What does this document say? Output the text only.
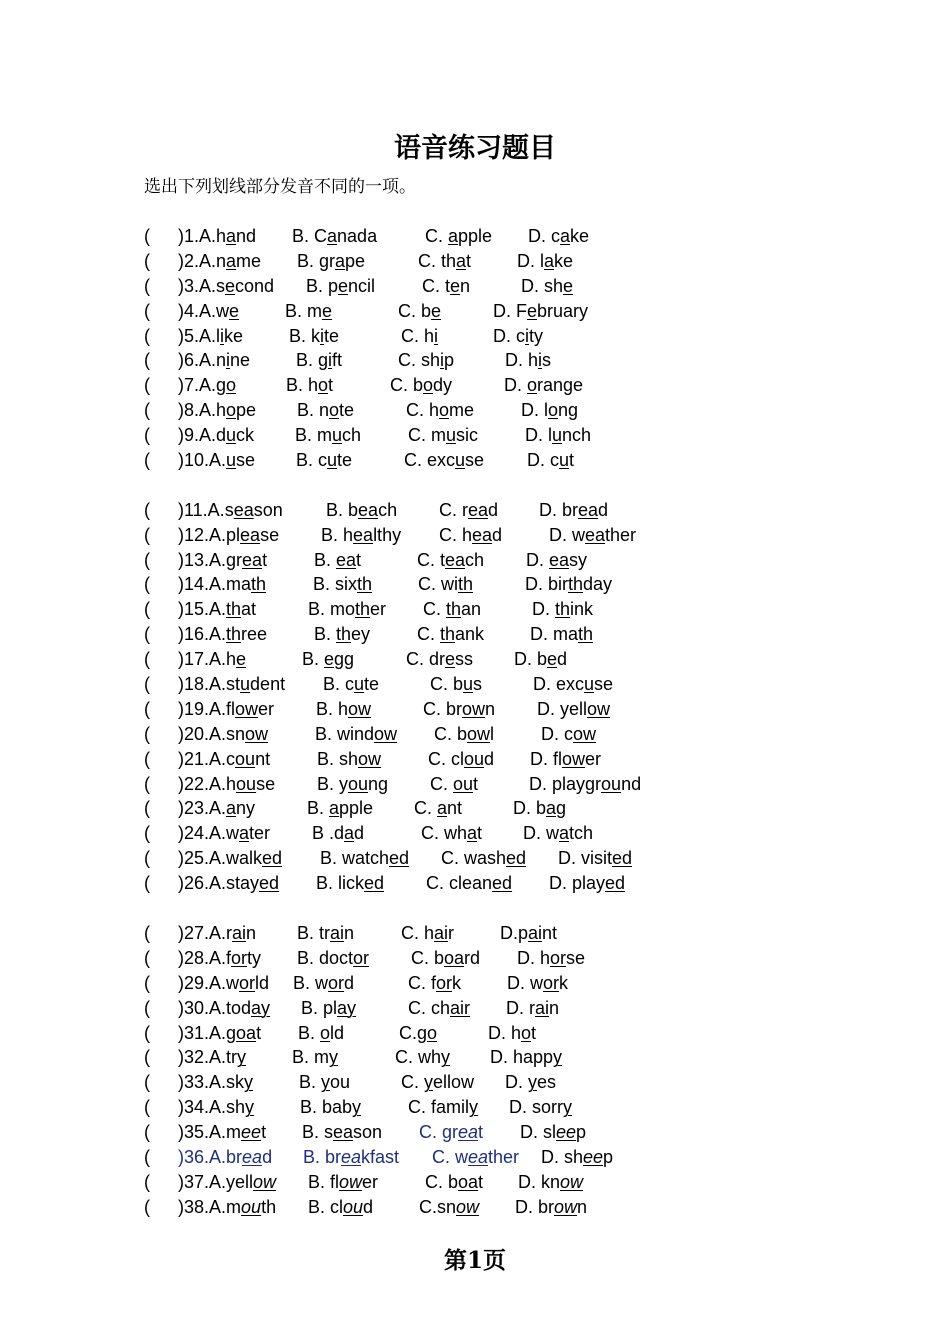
语音练习题目
选出下列划线部分发音不同的一项。
( )1.A.hand B. Canada	C. apple D. cake
( )2.A.name B. grape	C. that	D. lake
( )3.A.second B. pencil	C. ten	D. she
( )4.A.we	B. me	C. be	D. February
( )5.A.like	B. kite	C. hi	D. city
( )6.A.nine	B. gift	C. ship	D. his
( )7.A.go	B. hot	C. body	D. orange
( )8.A.hope B. note	C. home	D. long
( )9.A.duck B. much	C. music	D. lunch
( )10.A.use B. cute	C. excuse D. cut
( )11.A.season B. beach C. read D. bread
( )12.A.please B. healthy C. head	D. weather
( )13.A.great	B. eat	C. teach D. easy
( )14.A.math	B. sixth	C. with	D. birthday
( )15.A.that	B. mother C. than	D. think
( )16.A.three	B. they	C. thank	D. math
( )17.A.he	B. egg	C. dress D. bed
( )18.A.student B. cute	C. bus	D. excuse
( )19.A.flower B. how	C. brown D. yellow
( )20.A.snow	B. window C. bowl	D. cow
( )21.A.count	B. show	C. cloud D. flower
( )22.A.house B. young C. out	D. playground
( )23.A.any	B. apple C. ant	D. bag
( )24.A.water B .dad	C. what D. watch
( )25.A.walked B. watched C. washed D. visited
( )26.A.stayed B. licked C. cleaned D. played
( )27.A.rain B. train	C. hair	D.paint
( )28.A.forty B. doctor C. board D. horse
( )29.A.world B. word	C. fork	D. work
( )30.A.today B. play	C. chair D. rain
( )31.A.goat B. old	C.go	D. hot
( )32.A.try	B. my	C. why D. happy
( )33.A.sky	B. you	C. yellow D. yes
( )34.A.shy	B. baby	C. family D. sorry
( )35.A.meet B. season C. great D. sleep
( )36.A.bread B. breakfast C. weather D. sheep
( )37.A.yellow B. flower	C. boat D. know
( )38.A.mouth B. cloud	C.snow D. brown
第1页
